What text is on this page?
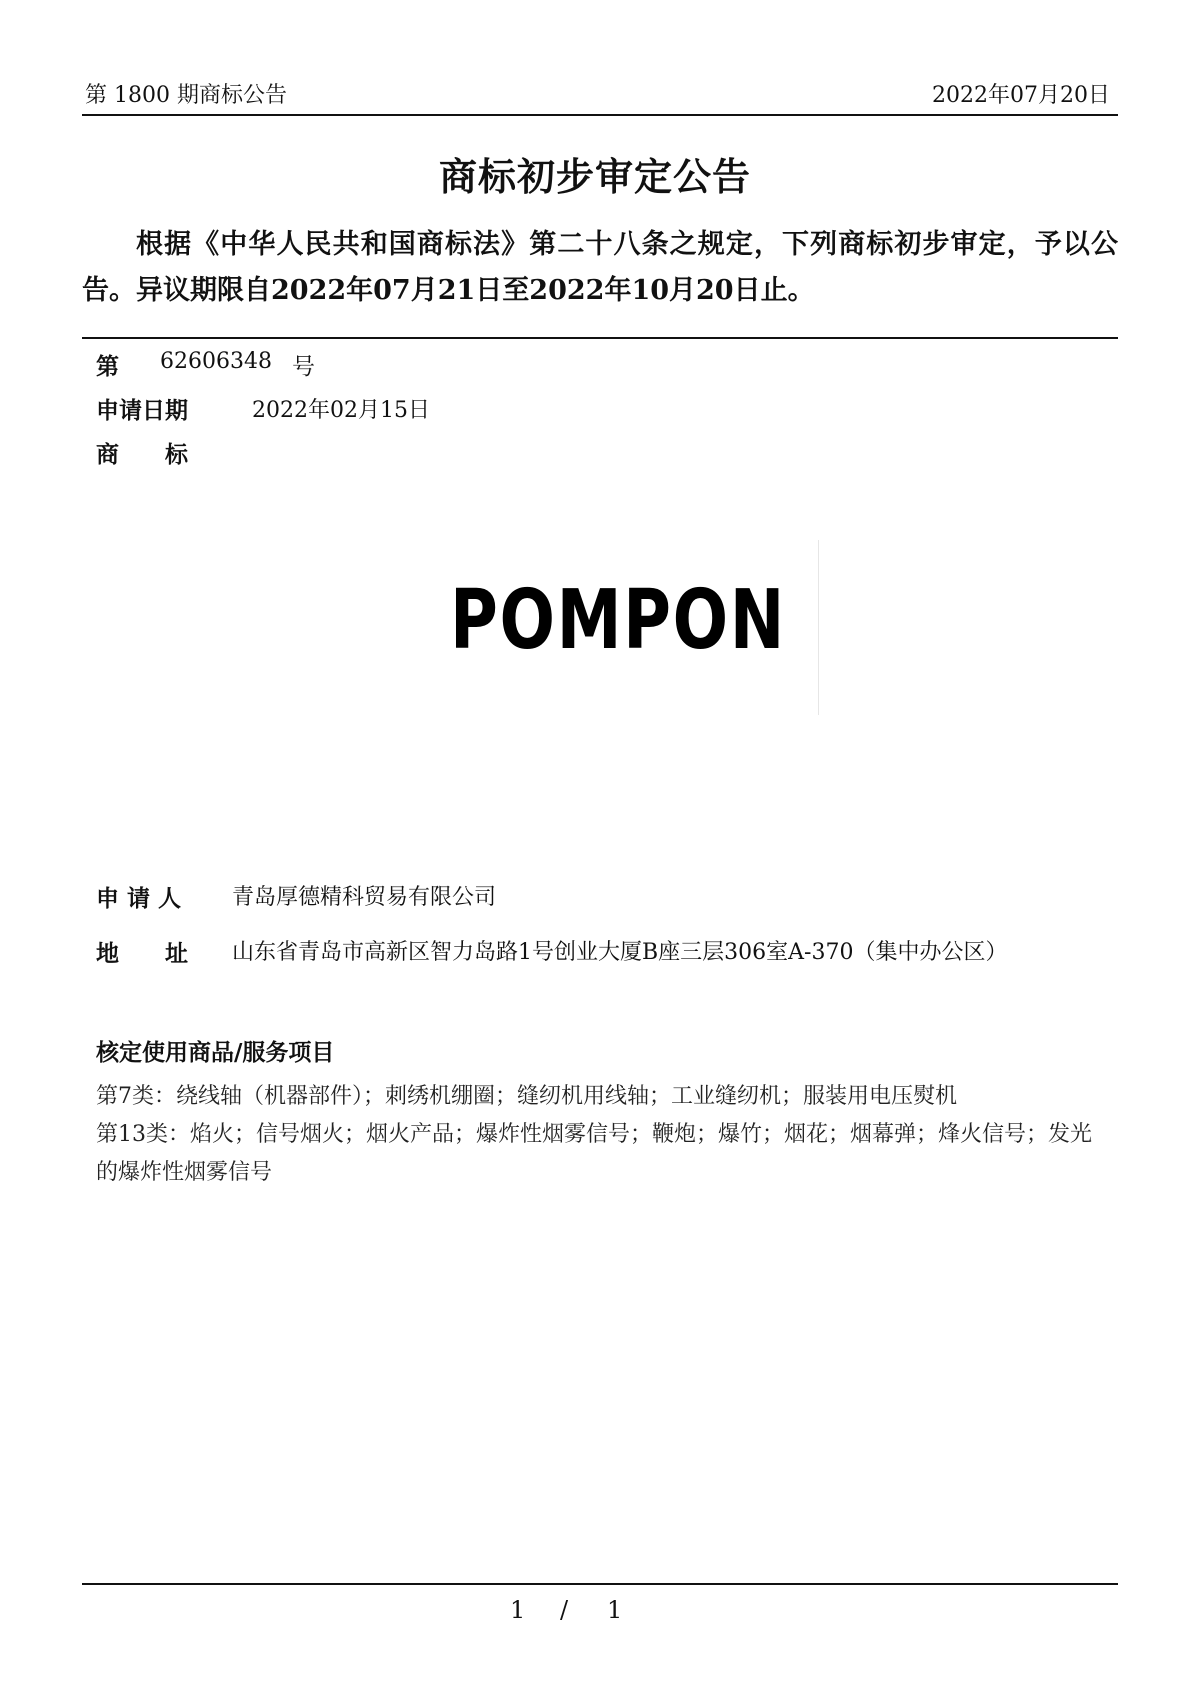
第 1800 期商标公告	2022年07月20日
商标初步审定公告
根据《中华人民共和国商标法》第二十八条之规定，下列商标初步审定，予以公告。异议期限自2022年07月21日至2022年10月20日止。
第 62606348 号
申请日期	2022年02月15日
商　　标
POMPON
申 请 人 青岛厚德精科贸易有限公司
地　　址 山东省青岛市高新区智力岛路1号创业大厦B座三层306室A-370（集中办公区）
核定使用商品/服务项目

第7类：绕线轴（机器部件）；刺绣机绷圈；缝纫机用线轴；工业缝纫机；服装用电压熨机

第13类：焰火；信号烟火；烟火产品；爆炸性烟雾信号；鞭炮；爆竹；烟花；烟幕弹；烽火信号；发光的爆炸性烟雾信号

1 / 1
